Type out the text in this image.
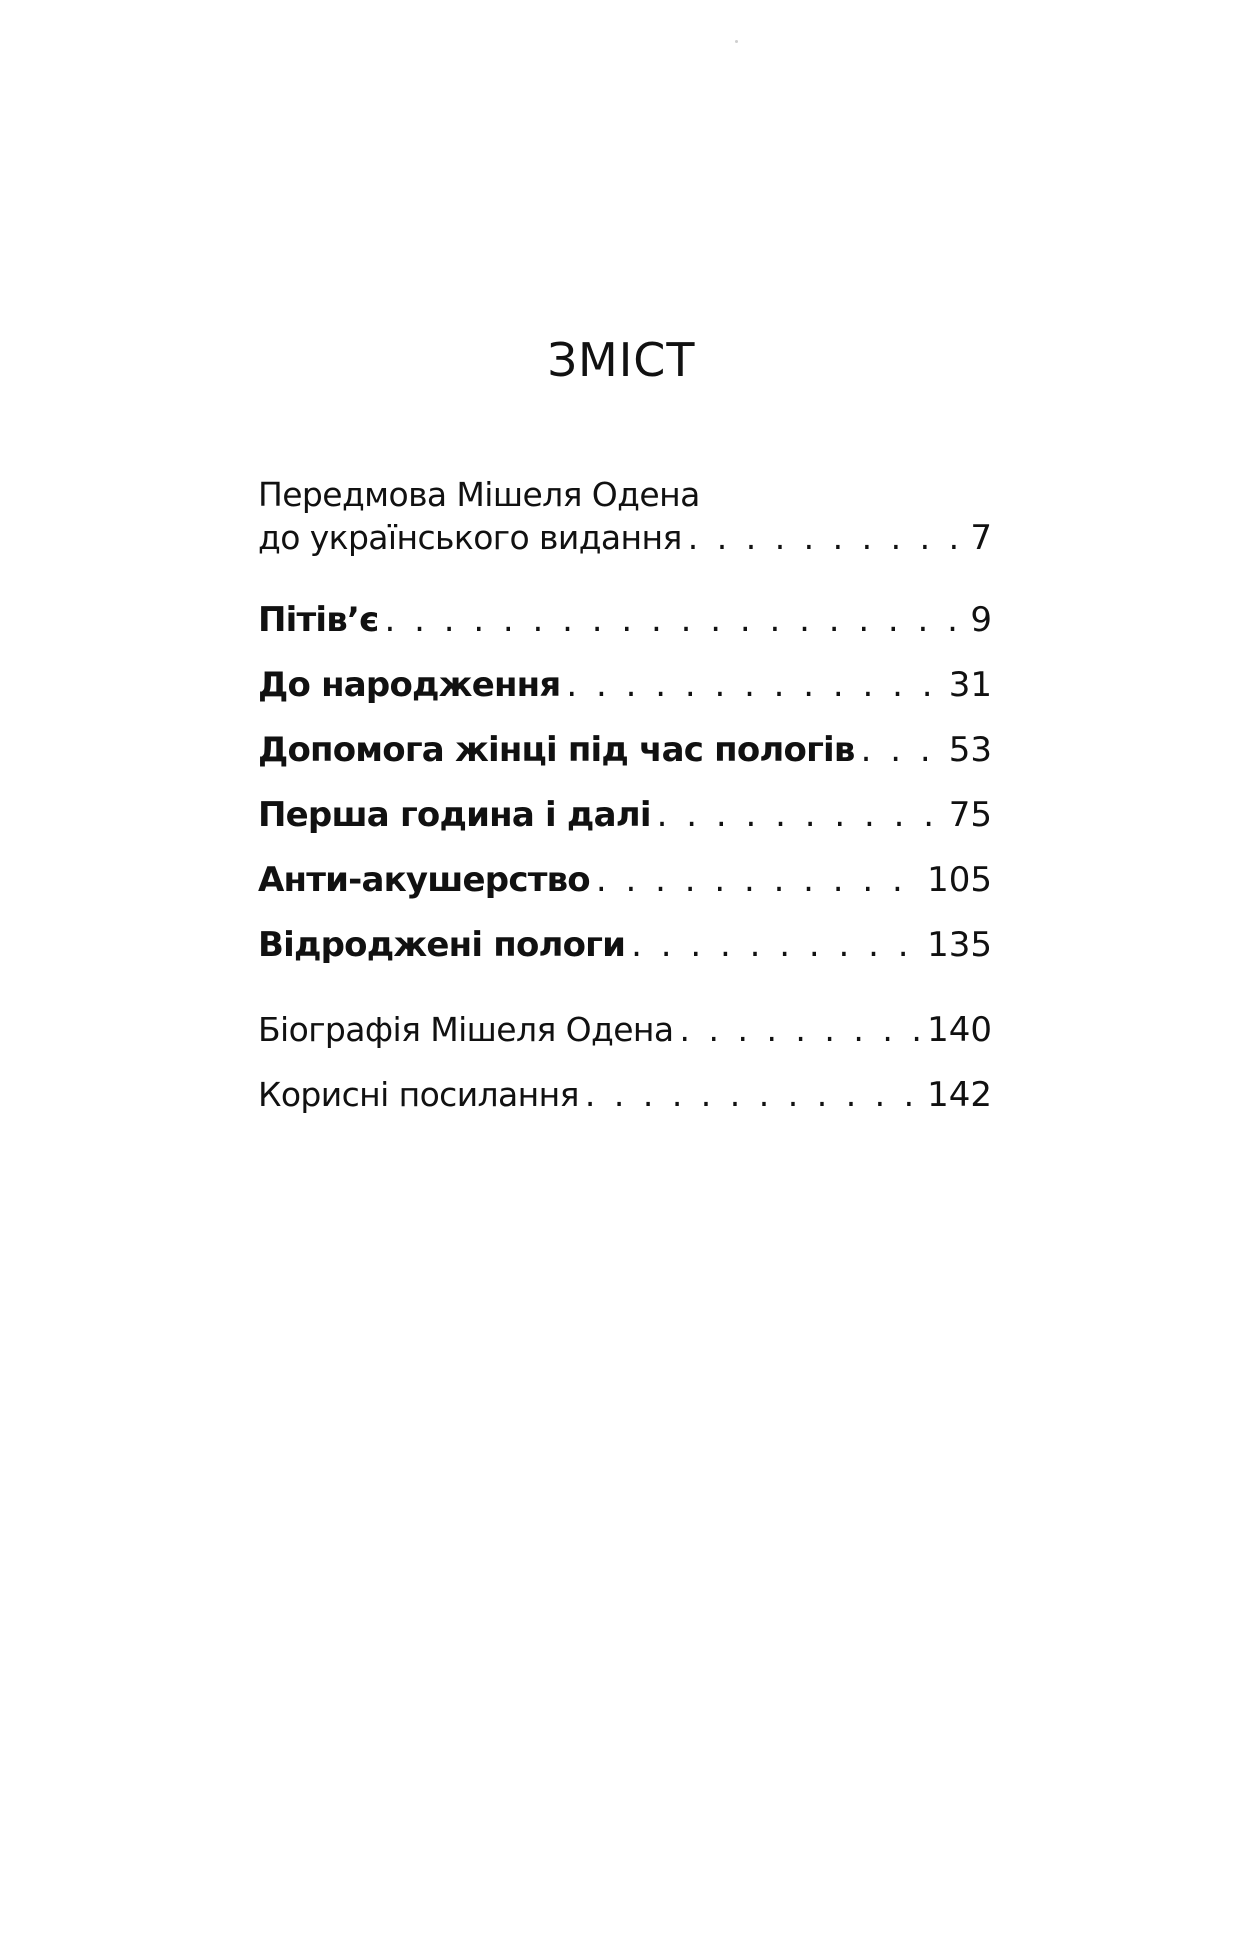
ЗМІСТ
Передмова Мішеля Одена
до українського видання . . .	7
Пітів’є . . .	9
До народження . . .	31
Допомога жінці під час пологів . . .	53
Перша година і далі . . .	75
Анти-акушерство . . .	105
Відроджені пологи . . .	135
Біографія Мішеля Одена . . .	140
Корисні посилання . . .	142
